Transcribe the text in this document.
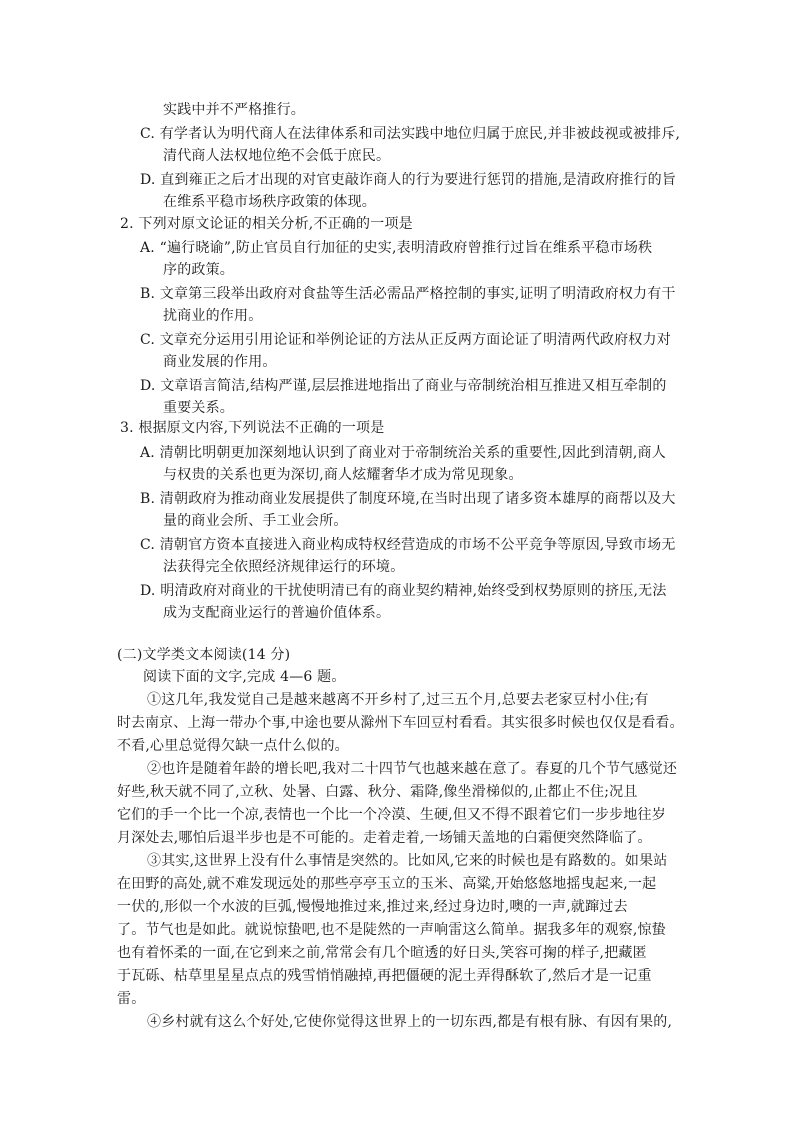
实践中并不严格推行。
C. 有学者认为明代商人在法律体系和司法实践中地位归属于庶民,并非被歧视或被排斥,
清代商人法权地位绝不会低于庶民。
D. 直到雍正之后才出现的对官吏敲诈商人的行为要进行惩罚的措施,是清政府推行的旨
在维系平稳市场秩序政策的体现。
2. 下列对原文论证的相关分析,不正确的一项是
A. “遍行晓谕”,防止官员自行加征的史实,表明清政府曾推行过旨在维系平稳市场秩
序的政策。
B. 文章第三段举出政府对食盐等生活必需品严格控制的事实,证明了明清政府权力有干
扰商业的作用。
C. 文章充分运用引用论证和举例论证的方法从正反两方面论证了明清两代政府权力对
商业发展的作用。
D. 文章语言简洁,结构严谨,层层推进地指出了商业与帝制统治相互推进又相互牵制的
重要关系。
3. 根据原文内容,下列说法不正确的一项是
A. 清朝比明朝更加深刻地认识到了商业对于帝制统治关系的重要性,因此到清朝,商人
与权贵的关系也更为深切,商人炫耀奢华才成为常见现象。
B. 清朝政府为推动商业发展提供了制度环境,在当时出现了诸多资本雄厚的商帮以及大
量的商业会所、手工业会所。
C. 清朝官方资本直接进入商业构成特权经营造成的市场不公平竞争等原因,导致市场无
法获得完全依照经济规律运行的环境。
D. 明清政府对商业的干扰使明清已有的商业契约精神,始终受到权势原则的挤压,无法
成为支配商业运行的普遍价值体系。
(二)文学类文本阅读(14 分)
阅读下面的文字,完成 4—6 题。
①这几年,我发觉自己是越来越离不开乡村了,过三五个月,总要去老家豆村小住;有
时去南京、上海一带办个事,中途也要从滁州下车回豆村看看。其实很多时候也仅仅是看看。
不看,心里总觉得欠缺一点什么似的。
②也许是随着年龄的增长吧,我对二十四节气也越来越在意了。春夏的几个节气感觉还
好些,秋天就不同了,立秋、处暑、白露、秋分、霜降,像坐滑梯似的,止都止不住;况且
它们的手一个比一个凉,表情也一个比一个冷漠、生硬,但又不得不跟着它们一步步地往岁
月深处去,哪怕后退半步也是不可能的。走着走着,一场铺天盖地的白霜便突然降临了。
③其实,这世界上没有什么事情是突然的。比如风,它来的时候也是有路数的。如果站
在田野的高处,就不难发现远处的那些亭亭玉立的玉米、高粱,开始悠悠地摇曳起来,一起
一伏的,形似一个水波的巨弧,慢慢地推过来,推过来,经过身边时,噢的一声,就蹿过去
了。节气也是如此。就说惊蛰吧,也不是陡然的一声响雷这么简单。据我多年的观察,惊蛰
也有着怀柔的一面,在它到来之前,常常会有几个暄透的好日头,笑容可掬的样子,把藏匿
于瓦砾、枯草里星星点点的残雪悄悄融掉,再把僵硬的泥土弄得酥软了,然后才是一记重
雷。
④乡村就有这么个好处,它使你觉得这世界上的一切东西,都是有根有脉、有因有果的,
